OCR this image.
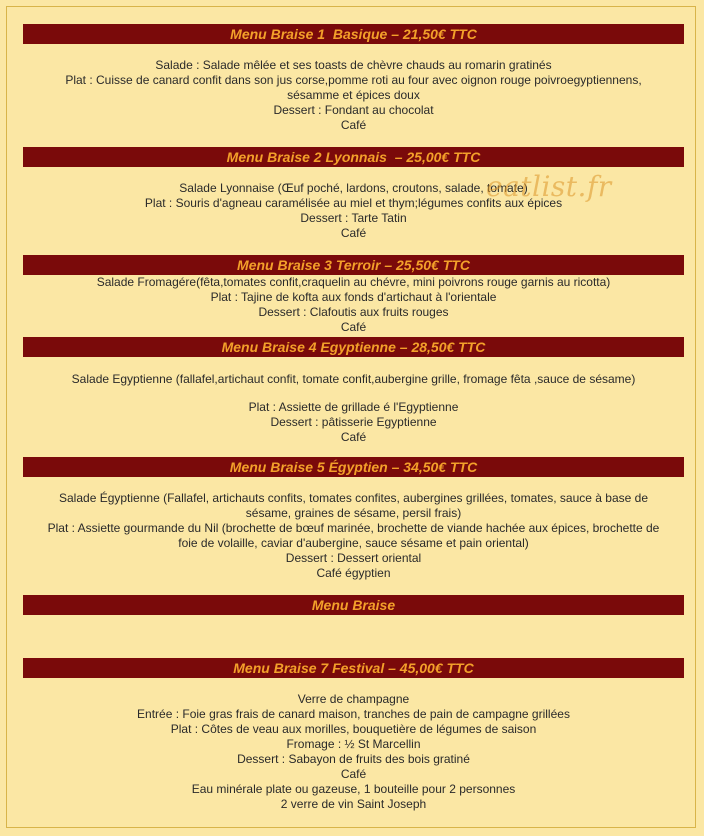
Menu Braise 1  Basique – 21,50€ TTC
Salade : Salade mêlée et ses toasts de chèvre chauds au romarin gratinés
Plat : Cuisse de canard confit dans son jus corse,pomme roti au four avec oignon rouge poivroegyptiennens,
sésamme et épices doux
Dessert : Fondant au chocolat
Café
Menu Braise 2 Lyonnais  – 25,00€ TTC
Salade Lyonnaise (Œuf poché, lardons, croutons, salade, tomate)
Plat : Souris d'agneau caramélisée au miel et thym;légumes confits aux épices
Dessert : Tarte Tatin
Café
Menu Braise 3 Terroir – 25,50€ TTC
Salade Fromagére(fêta,tomates confit,craquelin au chévre, mini poivrons rouge garnis au ricotta)
Plat : Tajine de kofta aux fonds d'artichaut à l'orientale
Dessert : Clafoutis aux fruits rouges
Café
Menu Braise 4 Egyptienne – 28,50€ TTC
Salade Egyptienne (fallafel,artichaut confit, tomate confit,aubergine grille, fromage fêta ,sauce de sésame)
Plat : Assiette de grillade é l'Egyptienne
Dessert : pâtisserie Egyptienne
Café
Menu Braise 5 Égyptien – 34,50€ TTC
Salade Égyptienne (Fallafel, artichauts confits, tomates confites, aubergines grillées, tomates, sauce à base de
sésame, graines de sésame, persil frais)
Plat : Assiette gourmande du Nil (brochette de bœuf marinée, brochette de viande hachée aux épices, brochette de
foie de volaille, caviar d'aubergine, sauce sésame et pain oriental)
Dessert : Dessert oriental
Café égyptien
Menu Braise
Menu Braise 7 Festival – 45,00€ TTC
Verre de champagne
Entrée : Foie gras frais de canard maison, tranches de pain de campagne grillées
Plat : Côtes de veau aux morilles, bouquetière de légumes de saison
Fromage : ½ St Marcellin
Dessert : Sabayon de fruits des bois gratiné
Café
Eau minérale plate ou gazeuse, 1 bouteille pour 2 personnes
2 verre de vin Saint Joseph
eatlist.fr
